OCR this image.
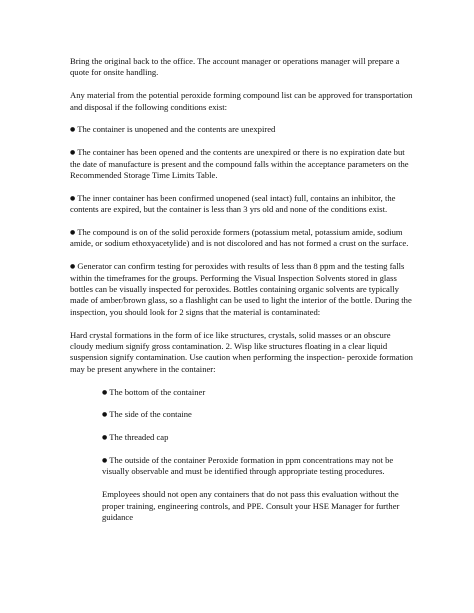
Bring the original back to the office. The account manager or operations manager will prepare a quote for onsite handling.

Any material from the potential peroxide forming compound list can be approved for transportation and disposal if the following conditions exist:

● The container is unopened and the contents are unexpired

● The container has been opened and the contents are unexpired or there is no expiration date but the date of manufacture is present and the compound falls within the acceptance parameters on the Recommended Storage Time Limits Table.

● The inner container has been confirmed unopened (seal intact) full, contains an inhibitor, the contents are expired, but the container is less than 3 yrs old and none of the conditions exist.

● The compound is on of the solid peroxide formers (potassium metal, potassium amide, sodium amide, or sodium ethoxyacetylide) and is not discolored and has not formed a crust on the surface.

● Generator can confirm testing for peroxides with results of less than 8 ppm and the testing falls within the timeframes for the groups. Performing the Visual Inspection Solvents stored in glass bottles can be visually inspected for peroxides. Bottles containing organic solvents are typically made of amber/brown glass, so a flashlight can be used to light the interior of the bottle. During the inspection, you should look for 2 signs that the material is contaminated:

Hard crystal formations in the form of ice like structures, crystals, solid masses or an obscure cloudy medium signify gross contamination. 2. Wisp like structures floating in a clear liquid suspension signify contamination. Use caution when performing the inspection- peroxide formation may be present anywhere in the container:

● The bottom of the container

● The side of the containe

● The threaded cap

● The outside of the container Peroxide formation in ppm concentrations may not be visually observable and must be identified through appropriate testing procedures.

Employees should not open any containers that do not pass this evaluation without the proper training, engineering controls, and PPE. Consult your HSE Manager for further guidance
